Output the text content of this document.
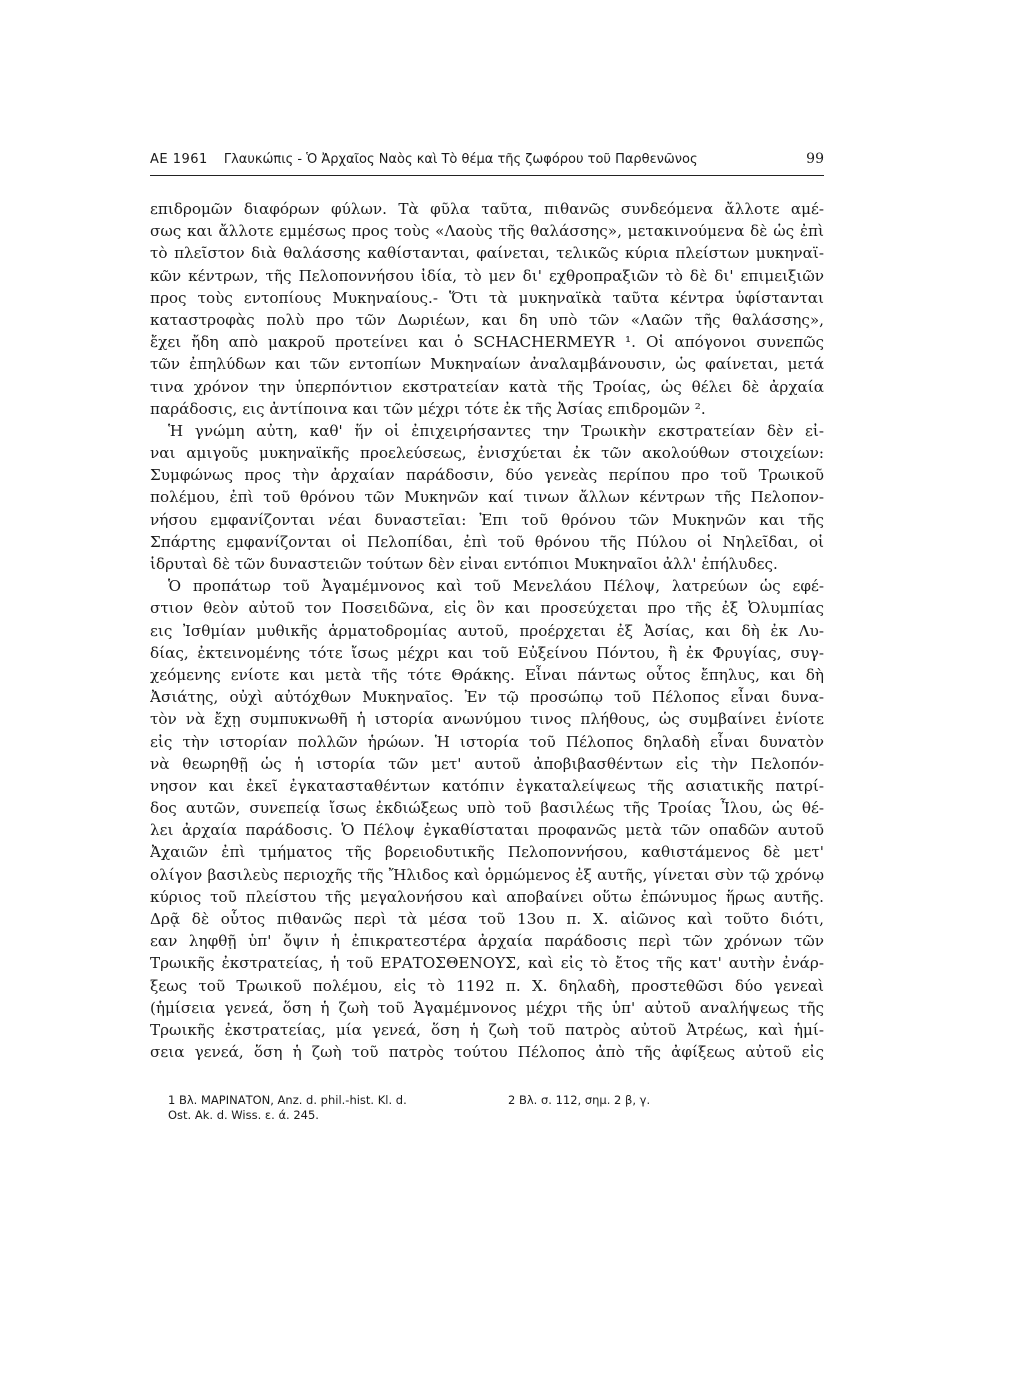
ΑΕ 1961 Γλαυκώπις - Ὁ Ἀρχαῖος Ναὸς καὶ Τὸ θέμα τῆς ζωφόρου τοῦ Παρθενῶνος	99
επιδρομῶν διαφόρων φύλων. Τὰ φῦλα ταῦτα, πιθανῶς συνδεόμενα ἄλλοτε αμέ-
σως και ἄλλοτε εμμέσως προς τοὺς «Λαοὺς τῆς θαλάσσης», μετακινούμενα δὲ ὡς ἐπὶ
τὸ πλεῖστον διὰ θαλάσσης καθίστανται, φαίνεται, τελικῶς κύρια πλείστων μυκηναϊ-
κῶν κέντρων, τῆς Πελοποννήσου ἰδία, τὸ μεν δι' εχθροπραξιῶν τὸ δὲ δι' επιμειξιῶν
προς τοὺς εντοπίους Μυκηναίους.- Ὅτι τὰ μυκηναϊκὰ ταῦτα κέντρα ὑφίστανται
καταστροφὰς πολὺ προ τῶν Δωριέων, και δη υπὸ τῶν «Λαῶν τῆς θαλάσσης»,
ἔχει ἤδη απὸ μακροῦ προτείνει και ὁ SCHACHERMEYR ¹. Οἱ απόγονοι συνεπῶς
τῶν ἐπηλύδων και τῶν εντοπίων Μυκηναίων ἀναλαμβάνουσιν, ὡς φαίνεται, μετά
τινα χρόνον την ὑπερπόντιον εκστρατείαν κατὰ τῆς Τροίας, ὡς θέλει δὲ ἀρχαία
παράδοσις, εις ἀντίποινα και τῶν μέχρι τότε ἐκ τῆς Ἀσίας επιδρομῶν ².
Ἡ γνώμη αὐτη, καθ' ἥν οἱ ἐπιχειρήσαντες την Τρωικὴν εκστρατείαν δὲν εἰ-
ναι αμιγοῦς μυκηναϊκῆς προελεύσεως, ἐνισχύεται ἐκ τῶν ακολούθων στοιχείων:
Συμφώνως προς τὴν ἀρχαίαν παράδοσιν, δύο γενεὰς περίπου προ τοῦ Τρωικοῦ
πολέμου, ἐπὶ τοῦ θρόνου τῶν Μυκηνῶν καί τινων ἄλλων κέντρων τῆς Πελοπον-
νήσου εμφανίζονται νέαι δυναστεῖαι: Ἐπι τοῦ θρόνου τῶν Μυκηνῶν και τῆς
Σπάρτης εμφανίζονται οἱ Πελοπίδαι, ἐπὶ τοῦ θρόνου τῆς Πύλου οἱ Νηλεῖδαι, οἱ
ἱδρυταὶ δὲ τῶν δυναστειῶν τούτων δὲν εἰναι εντόπιοι Μυκηναῖοι ἀλλ' ἐπήλυδες.
Ὁ προπάτωρ τοῦ Ἀγαμέμνονος καὶ τοῦ Μενελάου Πέλοψ, λατρεύων ὡς εφέ-
στιον θεὸν αὐτοῦ τον Ποσειδῶνα, εἰς ὃν και προσεύχεται προ τῆς ἐξ Ὀλυμπίας
εις Ἰσθμίαν μυθικῆς ἁρματοδρομίας αυτοῦ, προέρχεται ἐξ Ἀσίας, και δὴ ἐκ Λυ-
δίας, ἐκτεινομένης τότε ἴσως μέχρι και τοῦ Εὐξείνου Πόντου, ἢ ἐκ Φρυγίας, συγ-
χεόμενης ενίοτε και μετὰ τῆς τότε Θράκης. Εἶναι πάντως οὗτος ἔπηλυς, και δὴ
Ἀσιάτης, οὐχὶ αὐτόχθων Μυκηναῖος. Ἐν τῷ προσώπῳ τοῦ Πέλοπος εἶναι δυνα-
τὸν νὰ ἔχῃ συμπυκνωθῆ ἡ ιστορία ανωνύμου τινος πλήθους, ὡς συμβαίνει ἐνίοτε
εἰς τὴν ιστορίαν πολλῶν ἡρώων. Ἡ ιστορία τοῦ Πέλοπος δηλαδὴ εἶναι δυνατὸν
νὰ θεωρηθῇ ὡς ἡ ιστορία τῶν μετ' αυτοῦ ἀποβιβασθέντων εἰς τὴν Πελοπόν-
νησον και ἐκεῖ ἐγκατασταθέντων κατόπιν ἐγκαταλείψεως τῆς ασιατικῆς πατρί-
δος αυτῶν, συνεπείᾳ ἴσως ἐκδιώξεως υπὸ τοῦ βασιλέως τῆς Τροίας Ἶλου, ὡς θέ-
λει ἀρχαία παράδοσις. Ὁ Πέλοψ ἐγκαθίσταται προφανῶς μετὰ τῶν οπαδῶν αυτοῦ
Ἀχαιῶν ἐπὶ τμήματος τῆς βορειοδυτικῆς Πελοποννήσου, καθιστάμενος δὲ μετ'
ολίγον βασιλεὺς περιοχῆς τῆς Ἤλιδος καὶ ὁρμώμενος ἐξ αυτῆς, γίνεται σὺν τῷ χρόνῳ
κύριος τοῦ πλείστου τῆς μεγαλονήσου καὶ αποβαίνει οὕτω ἐπώνυμος ἥρως αυτῆς.
Δρᾷ δὲ οὗτος πιθανῶς περὶ τὰ μέσα τοῦ 13ου π. Χ. αἰῶνος καὶ τοῦτο διότι,
εαν ληφθῇ ὑπ' ὄψιν ἡ ἐπικρατεστέρα ἀρχαία παράδοσις περὶ τῶν χρόνων τῶν
Τρωικῆς ἐκστρατείας, ἡ τοῦ ΕΡΑΤΟΣΘΕΝΟΥΣ, καὶ εἰς τὸ ἔτος τῆς κατ' αυτὴν ἐνάρ-
ξεως τοῦ Τρωικοῦ πολέμου, εἰς τὸ 1192 π. Χ. δηλαδὴ, προστεθῶσι δύο γενεαὶ
(ἡμίσεια γενεά, ὅση ἡ ζωὴ τοῦ Ἀγαμέμνονος μέχρι τῆς ὑπ' αὐτοῦ αναλήψεως τῆς
Τρωικῆς ἐκστρατείας, μία γενεά, ὅση ἡ ζωὴ τοῦ πατρὸς αὐτοῦ Ἀτρέως, καὶ ἡμί-
σεια γενεά, ὅση ἡ ζωὴ τοῦ πατρὸς τούτου Πέλοπος ἀπὸ τῆς ἀφίξεως αὐτοῦ εἰς
1 Βλ. ΜΑΡΙΝΑΤΟΝ, Anz. d. phil.-hist. Kl. d.	2 Βλ. σ. 112, σημ. 2 β, γ.
Ost. Ak. d. Wiss. ε. ά. 245.
